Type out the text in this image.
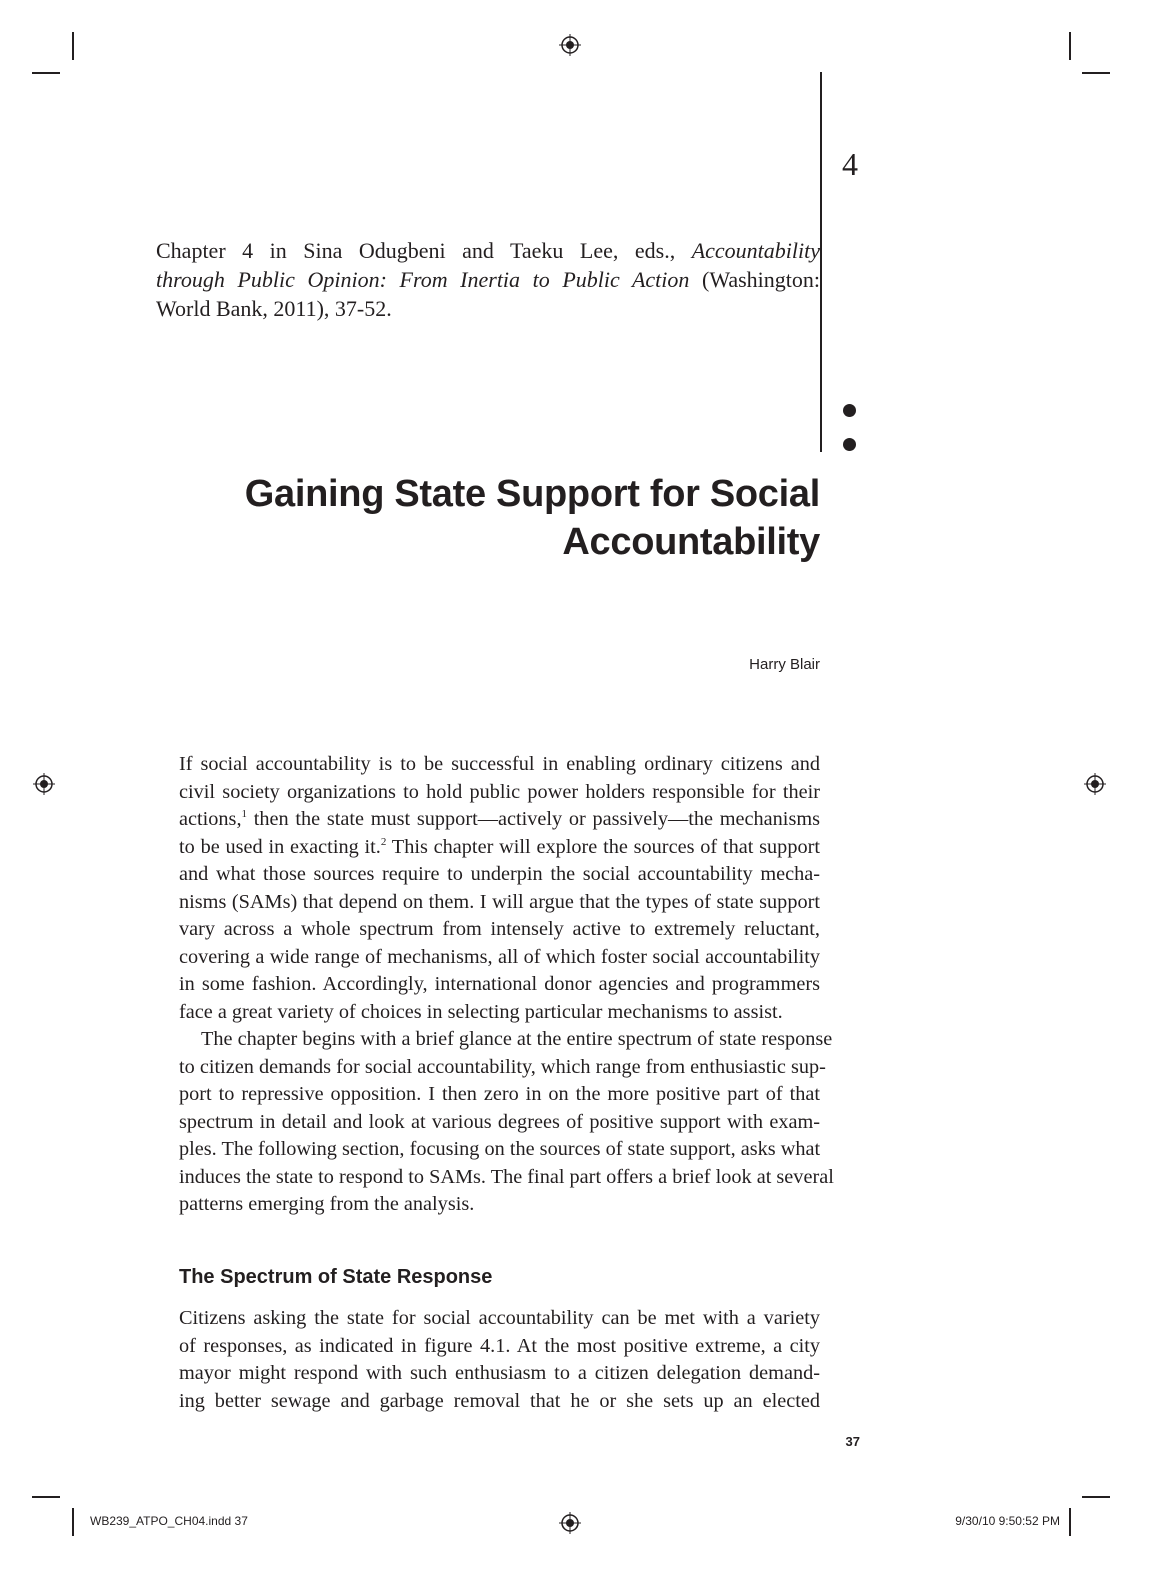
4
Chapter 4 in Sina Odugbeni and Taeku Lee, eds., Accountability
through Public Opinion: From Inertia to Public Action (Washington:
World Bank, 2011), 37-52.
Gaining State Support for Social
Accountability
Harry Blair
If social accountability is to be successful in enabling ordinary citizens and
civil society organizations to hold public power holders responsible for their
actions,$^1$ then the state must support—actively or passively—the mechanisms
to be used in exacting it.$^2$ This chapter will explore the sources of that support
and what those sources require to underpin the social accountability mecha-
nisms (SAMs) that depend on them. I will argue that the types of state support
vary across a whole spectrum from intensely active to extremely reluctant,
covering a wide range of mechanisms, all of which foster social accountability
in some fashion. Accordingly, international donor agencies and programmers
face a great variety of choices in selecting particular mechanisms to assist.
The chapter begins with a brief glance at the entire spectrum of state response
to citizen demands for social accountability, which range from enthusiastic sup-
port to repressive opposition. I then zero in on the more positive part of that
spectrum in detail and look at various degrees of positive support with exam-
ples. The following section, focusing on the sources of state support, asks what
induces the state to respond to SAMs. The final part offers a brief look at several
patterns emerging from the analysis.
The Spectrum of State Response
Citizens asking the state for social accountability can be met with a variety
of responses, as indicated in figure 4.1. At the most positive extreme, a city
mayor might respond with such enthusiasm to a citizen delegation demand-
ing better sewage and garbage removal that he or she sets up an elected
37
WB239_ATPO_CH04.indd 37	9/30/10 9:50:52 PM
